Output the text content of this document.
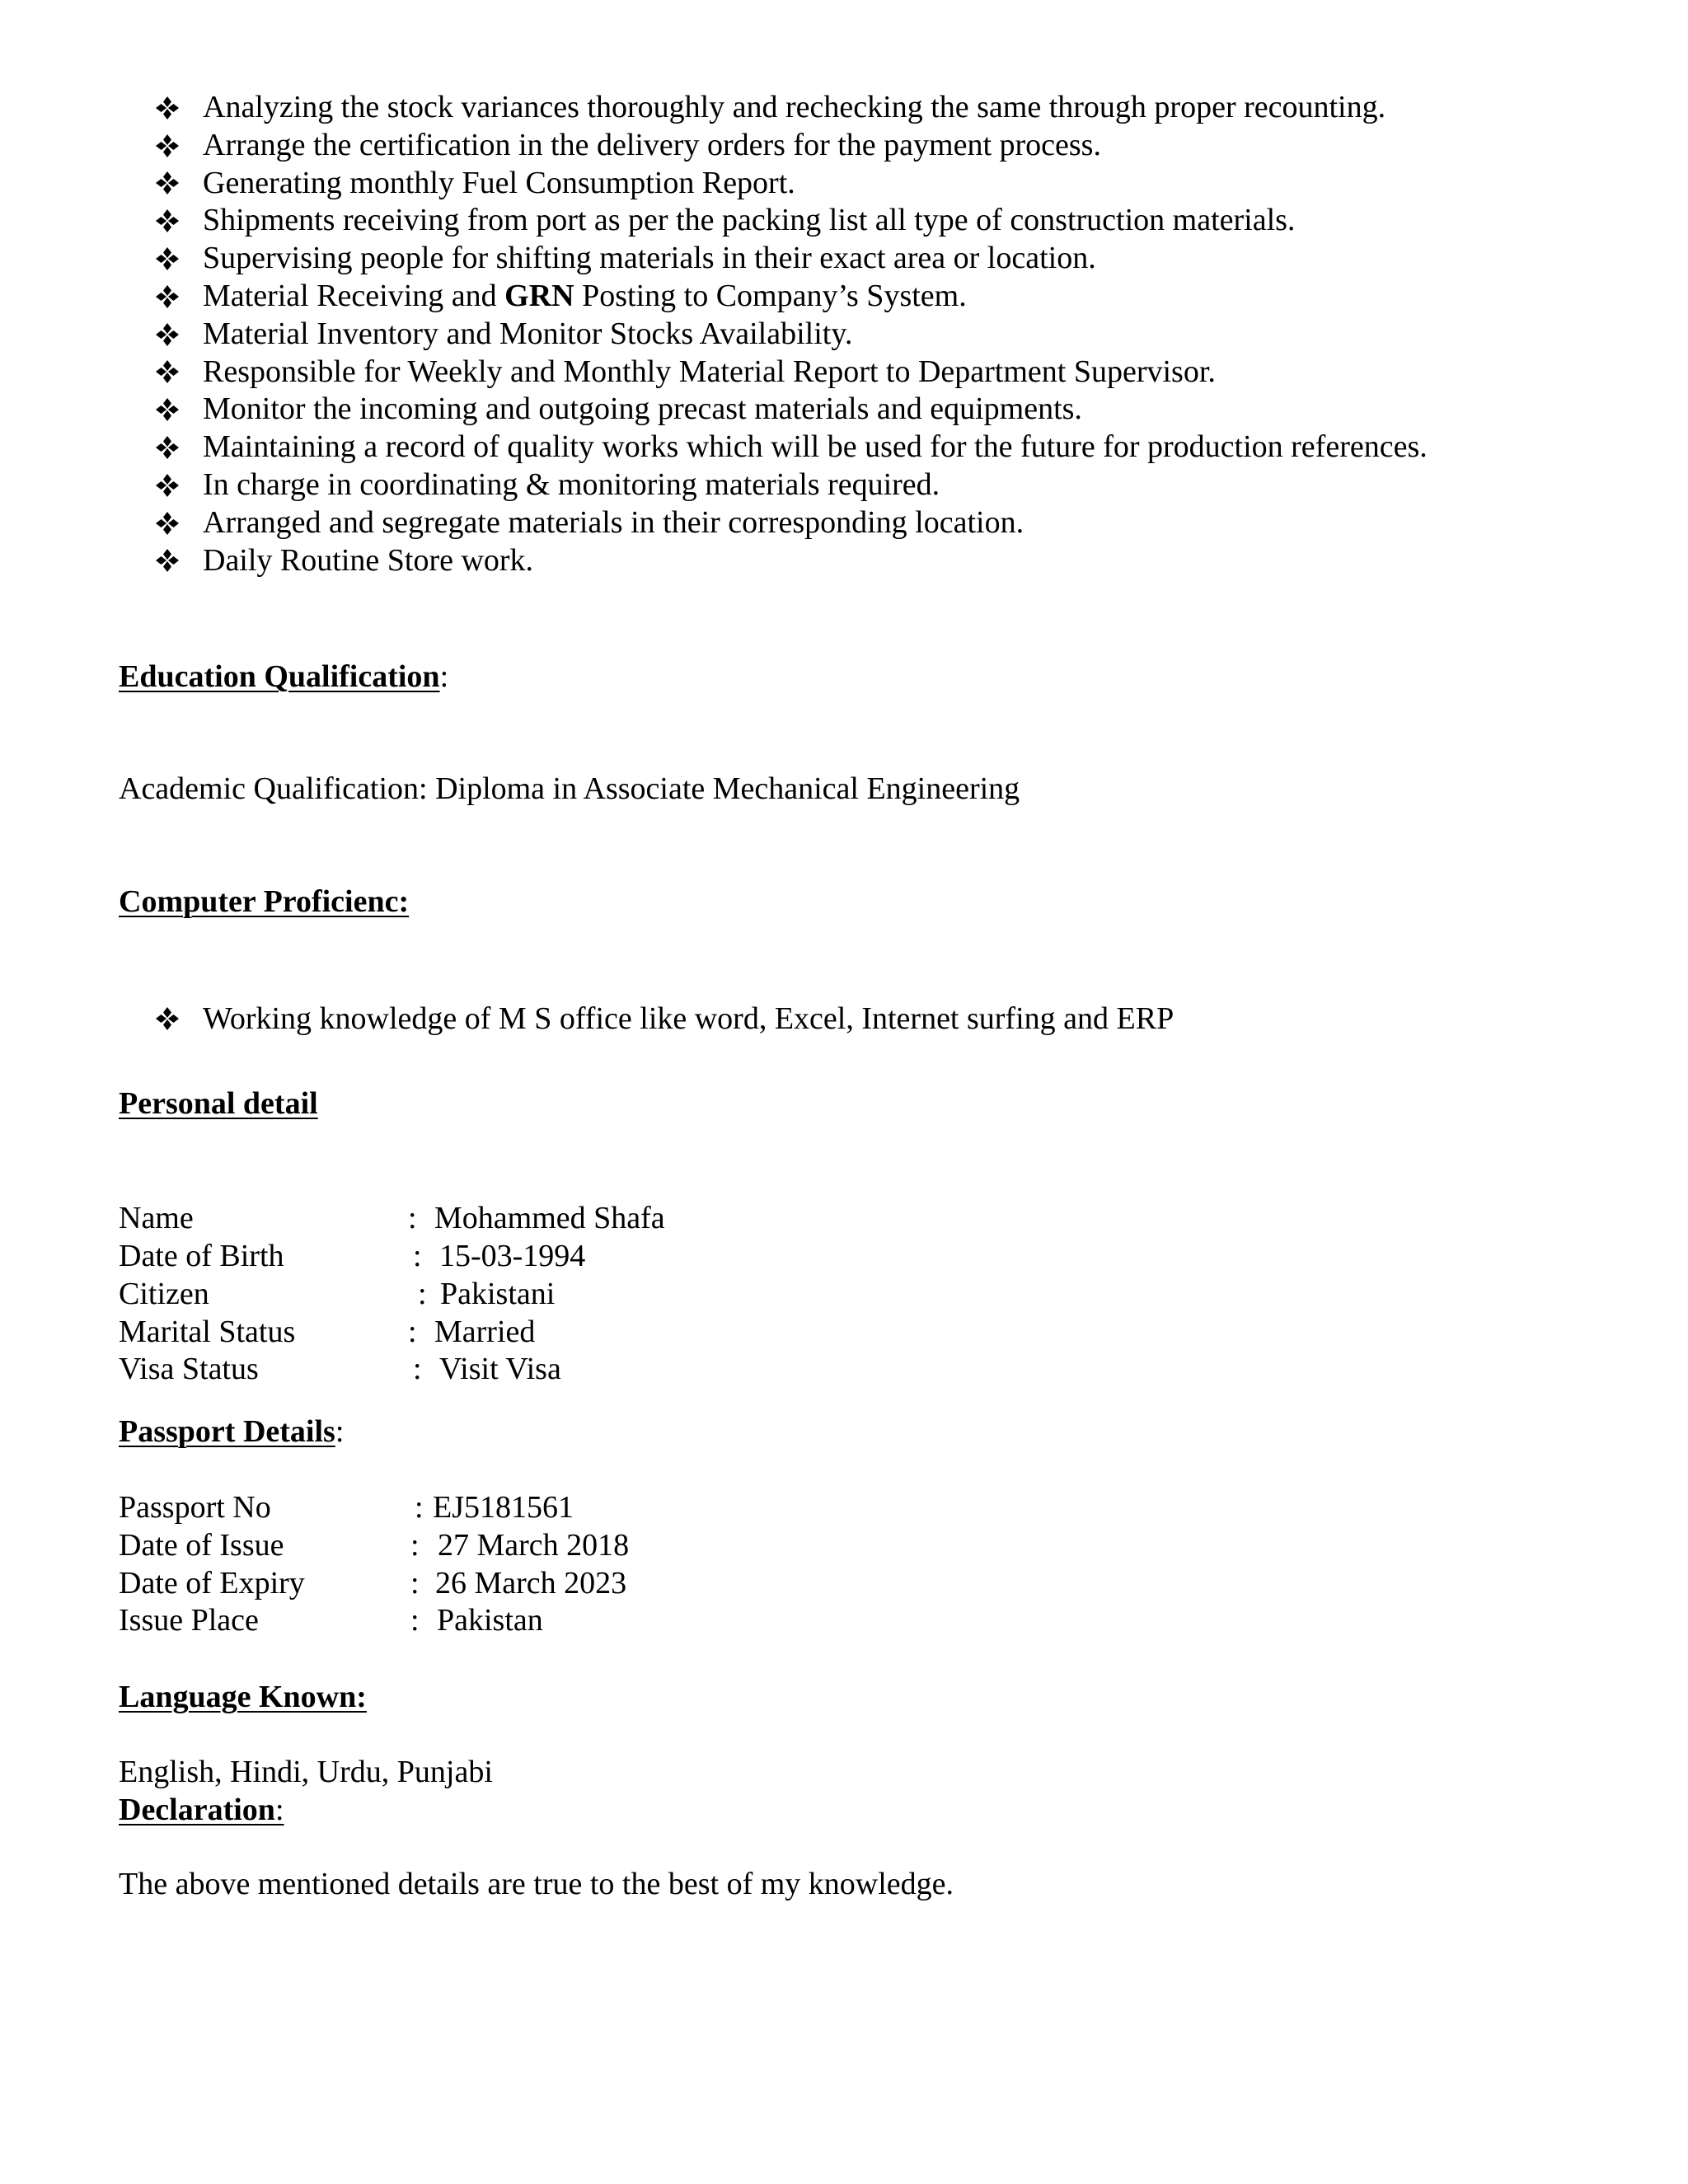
Analyzing the stock variances thoroughly and rechecking the same through proper recounting.
Arrange the certification in the delivery orders for the payment process.
Generating monthly Fuel Consumption Report.
Shipments receiving from port as per the packing list all type of construction materials.
Supervising people for shifting materials in their exact area or location.
Material Receiving and GRN Posting to Company’s System.
Material Inventory and Monitor Stocks Availability.
Responsible for Weekly and Monthly Material Report to Department Supervisor.
Monitor the incoming and outgoing precast materials and equipments.
Maintaining a record of quality works which will be used for the future for production references.
In charge in coordinating & monitoring materials required.
Arranged and segregate materials in their corresponding location.
Daily Routine Store work.
Education Qualification:
Academic Qualification: Diploma in Associate Mechanical Engineering
Computer Proficienc:
Working knowledge of M S office like word, Excel, Internet surfing and ERP
Personal detail
Name	: Mohammed Shafa
Date of Birth	: 15-03-1994
Citizen	: Pakistani
Marital Status	: Married
Visa Status	: Visit Visa
Passport Details:
Passport No	: EJ5181561
Date of Issue	: 27 March 2018
Date of Expiry	: 26 March 2023
Issue Place	: Pakistan
Language Known:
English, Hindi, Urdu, Punjabi
Declaration:
The above mentioned details are true to the best of my knowledge.
